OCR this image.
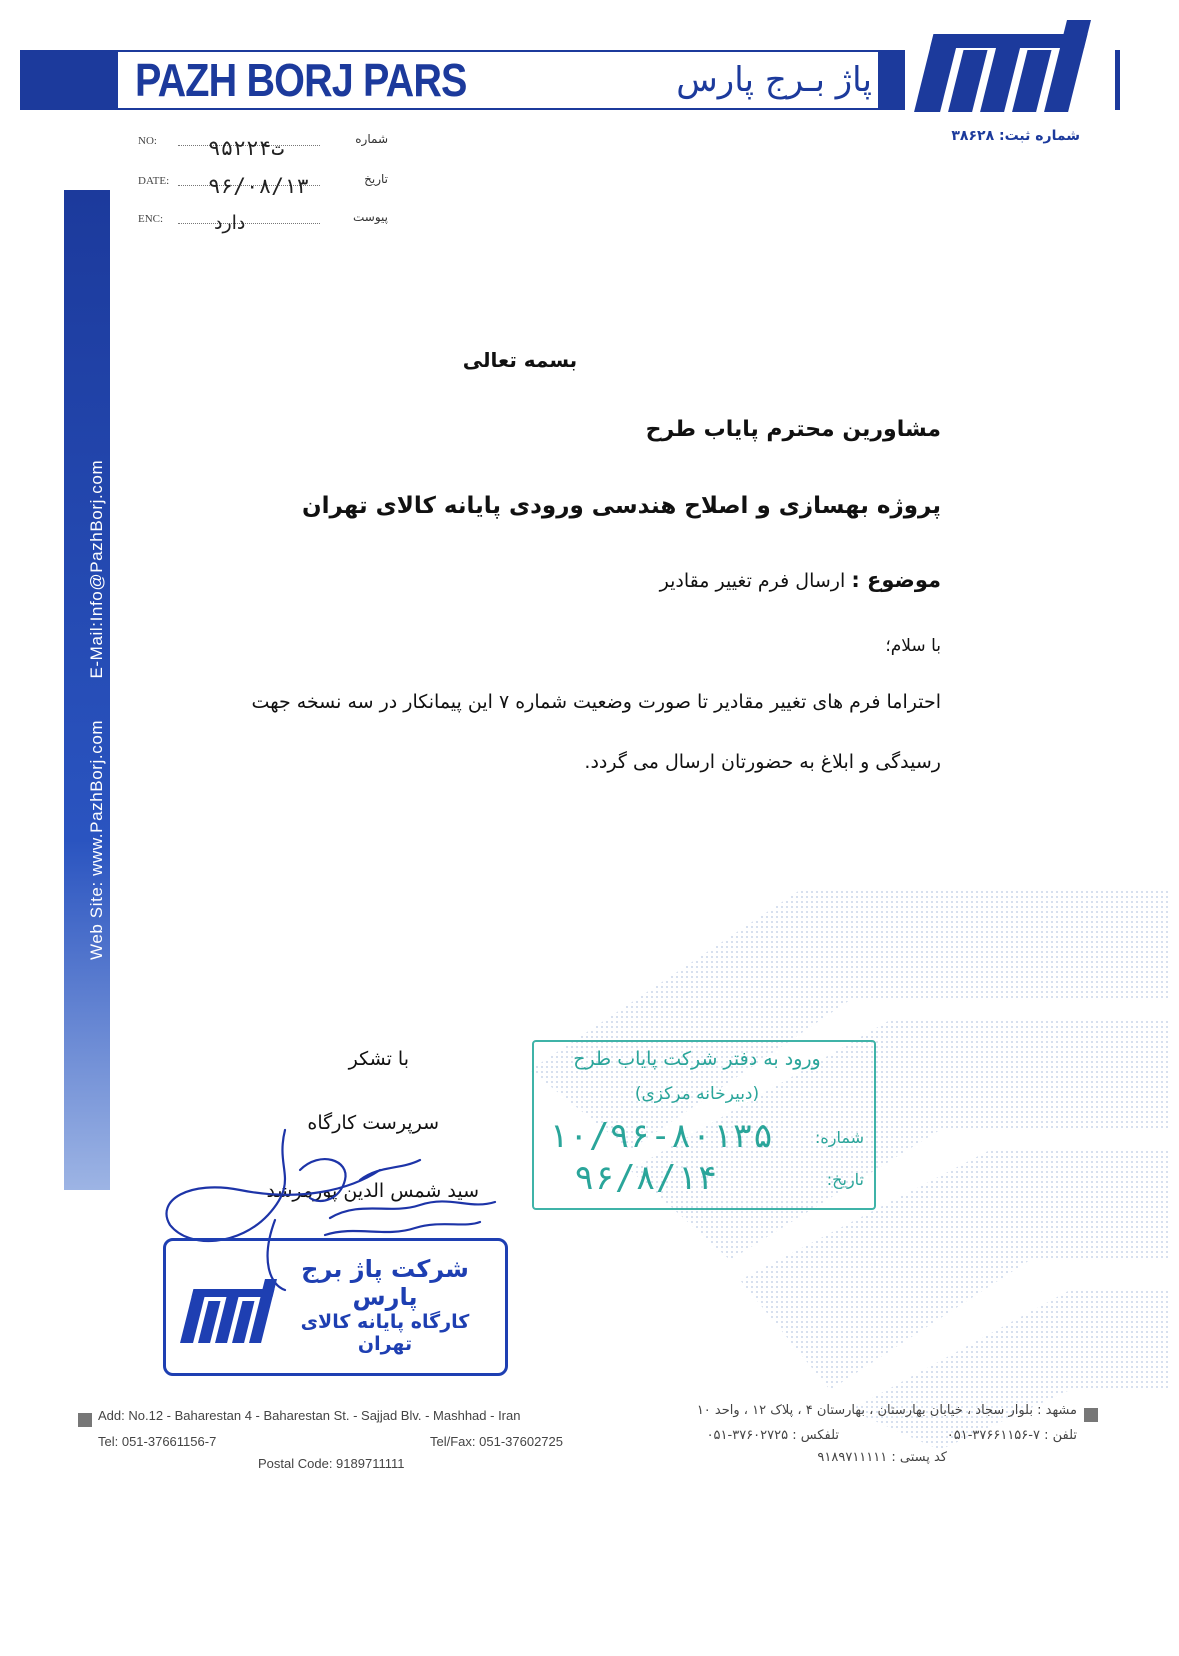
PAZH BORJ PARS	پاژ بـرج پارس
شماره ثبت: ۳۸۶۲۸
NO:	شماره
۹۵ت۲۲۴
DATE:	تاریخ
۹۶/۰۸/۱۳
ENC:	پیوست
دارد
Web Site: www.PazhBorj.com E-Mail:Info@PazhBorj.com
بسمه تعالی
مشاورین محترم پایاب طرح
پروژه بهسازی و اصلاح هندسی ورودی پایانه کالای تهران
موضوع : ارسال فرم تغییر مقادیر
با سلام؛
احتراما فرم های تغییر مقادیر تا صورت وضعیت شماره ۷ این پیمانکار در سه نسخه جهت
رسیدگی و ابلاغ به حضورتان ارسال می گردد.
با تشکر
سرپرست کارگاه
سید شمس الدین پورمرشد
ورود به دفتر شرکت پایاب طرح
(دبیرخانه مرکزی)
شماره:
۱۰/۹۶-۸۰۱۳۵
تاریخ:
۹۶/۸/۱۴
شرکت پاژ برج پارس
کارگاه پایانه کالای تهران
Add: No.12 - Baharestan 4 - Baharestan St. - Sajjad Blv. - Mashhad - Iran
Tel: 051-37661156-7	Tel/Fax: 051-37602725
Postal Code: 9189711111
مشهد : بلوار سجاد ، خیابان بهارستان ، بهارستان ۴ ، پلاک ۱۲ ، واحد ۱۰
تلفن : ۷-۳۷۶۶۱۱۵۶-۰۵۱
تلفکس : ۳۷۶۰۲۷۲۵-۰۵۱
کد پستی : ۹۱۸۹۷۱۱۱۱۱
